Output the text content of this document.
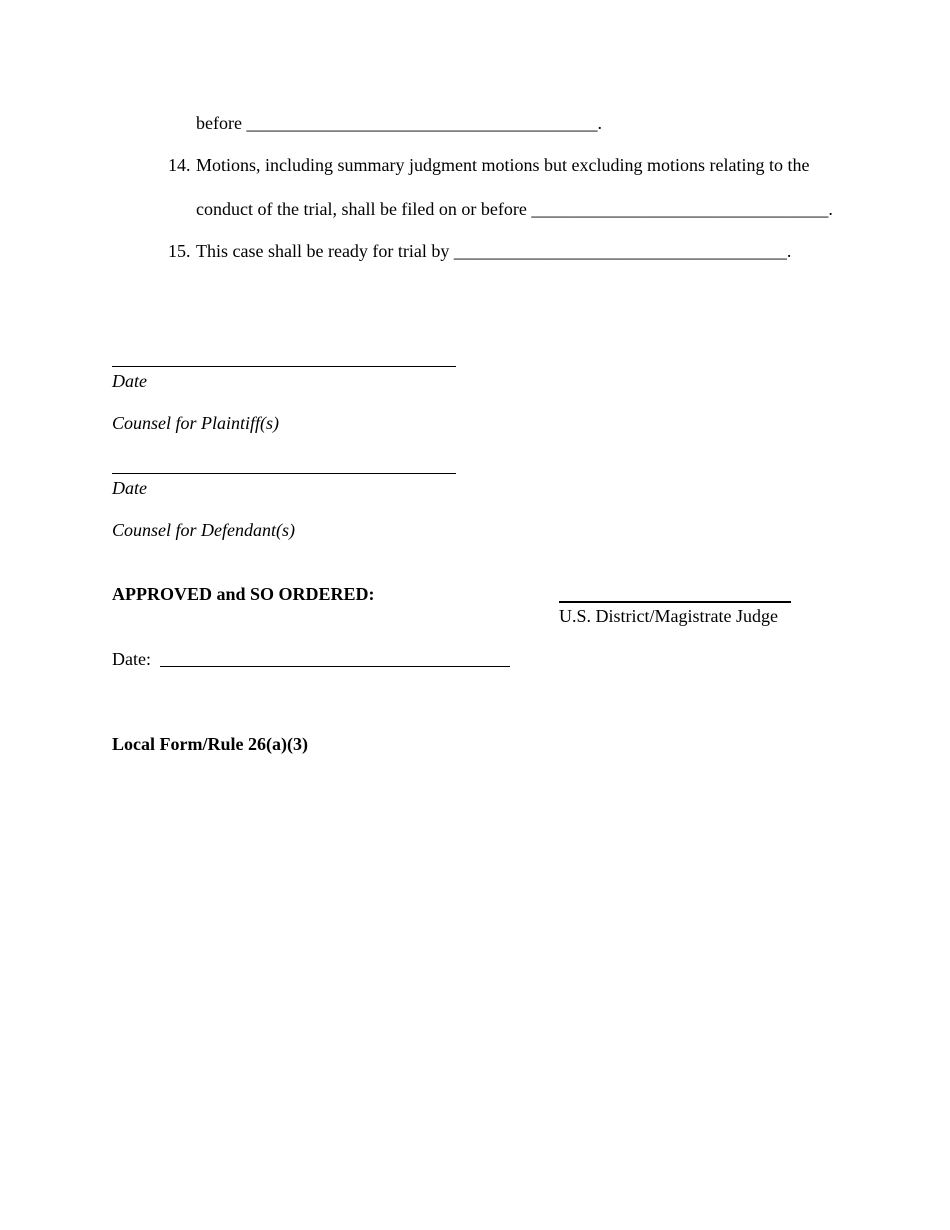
before _______________________________________.
14. Motions, including summary judgment motions but excluding motions relating to the
conduct of the trial, shall be filed on or before _________________________________.
15. This case shall be ready for trial by _____________________________________.
Date
Counsel for Plaintiff(s)
Date
Counsel for Defendant(s)
APPROVED and SO ORDERED:
U.S. District/Magistrate Judge
Date:
Local Form/Rule 26(a)(3)
